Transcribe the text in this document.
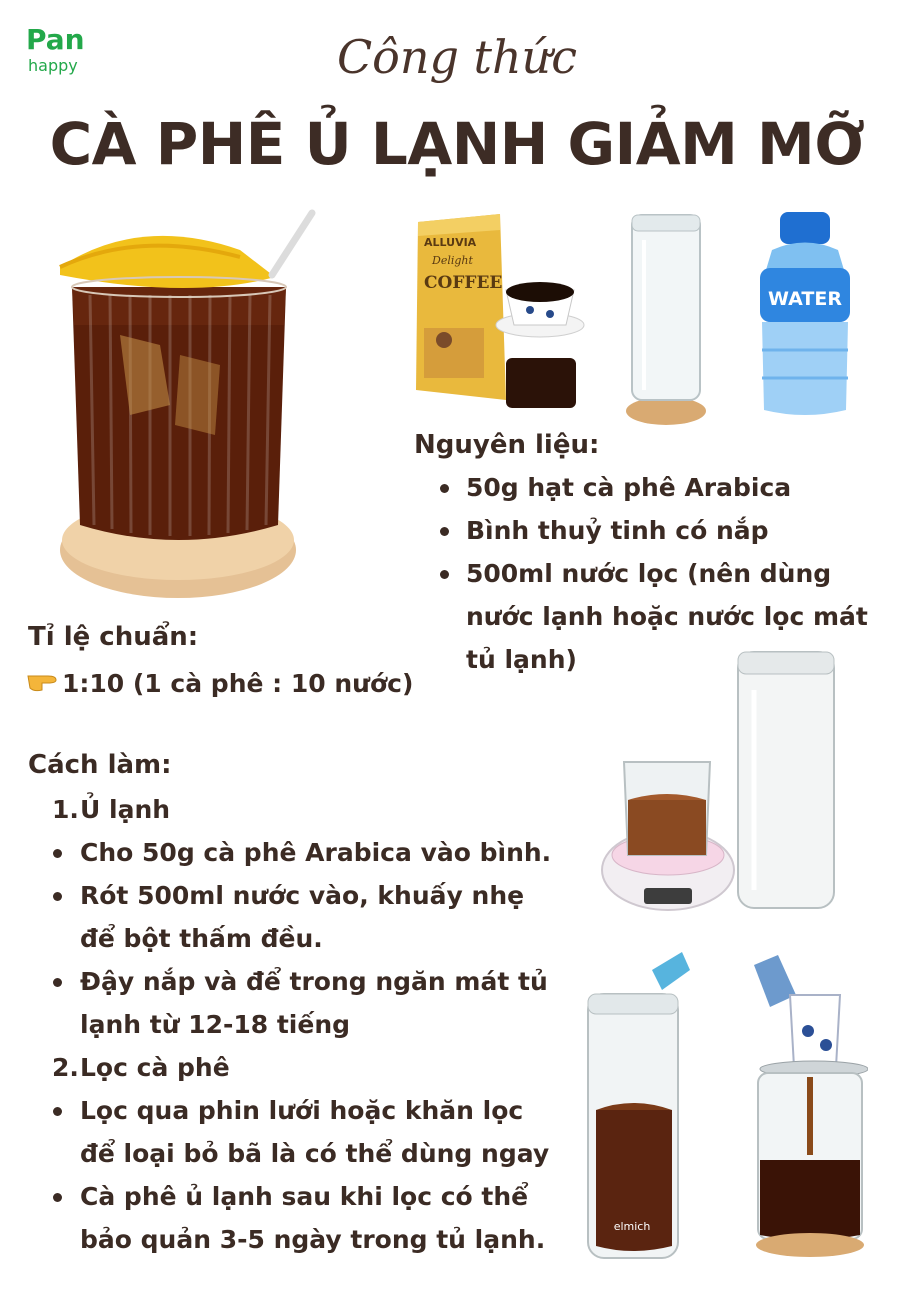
Pan
happy	Công thức
CÀ PHÊ Ủ LẠNH GIẢM MỠ
ALLUVIA
Delight
COFFEE
WATER
Nguyên liệu:
50g hạt cà phê Arabica
Bình thuỷ tinh có nắp
500ml nước lọc (nên dùng
nước lạnh hoặc nước lọc mát
tủ lạnh)
Tỉ lệ chuẩn:
1:10 (1 cà phê : 10 nước)
Cách làm:
1. Ủ lạnh
Cho 50g cà phê Arabica vào bình.
Rót 500ml nước vào, khuấy nhẹ
để bột thấm đều.
Đậy nắp và để trong ngăn mát tủ
lạnh từ 12-18 tiếng
2. Lọc cà phê
Lọc qua phin lưới hoặc khăn lọc
để loại bỏ bã là có thể dùng ngay
Cà phê ủ lạnh sau khi lọc có thể
bảo quản 3-5 ngày trong tủ lạnh.	elmich
